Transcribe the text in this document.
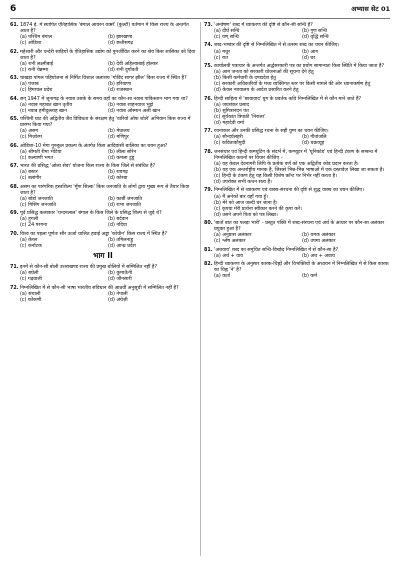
6	अभ्यास सेट 01
61. 1874 ई. में स्थापित ऐतिहासिक 'बंगाल आयरन वर्क्स' (कुल्टी) वर्तमान में किस राज्य के अन्तर्गत आता है?
(a) पश्चिम बंगाल	(b) झारखण्ड
(c) ओडिशा	(d) छत्तीसगढ़
62. महेश्वरी और चन्देरी साड़ियों के ऐतिहासिक उद्योग को पुनर्जीवित करने का श्रेय किस शासिका को दिया जाता है?
(a) रानी लक्ष्मीबाई	(b) देवी अहिल्याबाई होल्कर
(c) रानी चेन्नम्मा	(d) रानी दुर्गावती
63. चाखड़ा पांगल पहियोजना से निर्मित विशाल जलाशय 'गोविंद सागर झील' किस राज्य में स्थित है?
(a) पंजाब	(b) हरियाणा
(c) हिमाचल प्रदेश	(d) राजस्थान
64. सन् 1947 में जूनागढ़ के नवाब उसके के समय वहाँ का कौन-सा नवाब पाकिस्तान भाग गया था?
(a) नवाब महाबत खान तृतीय	(b) नवाब शाहनवाज भुट्टो
(c) नवाब हमीदुल्लाह खान	(d) नवाब ओस्मान अली खान
65. पश्चिमी घाट की अद्वितीय जैव विविधता के संरक्षण हेतु 'वारियों ऑफ शोले' अभियान किस राज्य में प्रारम्भ किया गया?
(a) असम	(b) मेघालय
(c) मिज़ोरम	(d) मणिपुर
66. ओडिशा-10 मेगा गुरुकुल प्रकल्प के अंतर्गत किस आदिवासी बालिका का चयन हुआ?
(a) श्रीमती रीमा भेटिया	(b) लीला सोरेन
(c) कल्याणी भगत	(d) कमला टुडू
67. भारत की प्रसिद्ध 'ओला सेवा' योजना किस राज्य के किस जिले से संबंधित है?
(a) बस्तर	(b) रायगढ़
(c) बलांगीर	(d) कोरबा
68. असम का पारंपरिक हस्तशिल्प 'मूँगा सिल्क' किस जनजाति के लोगों द्वारा मुख्य रूप से तैयार किया जाता है?
(a) बोडो जनजाति	(b) कार्बी जनजाति
(c) मिसिंग जनजाति	(d) राभा जनजाति
69. पूर्व प्रसिद्ध कलाकार 'चन्दनलाल' बंगाल के किस जिले के प्रसिद्ध शिल्प से जुड़े थे?
(a) हुगली	(b) बर्दवान
(c) 24 परगना	(d) नदिया
70. विश्व का पहला पूर्णतः सौर ऊर्जा चालित हवाई अड्डा 'कोचीन' किस राज्य में स्थित है?
(a) केरल	(b) तमिलनाडु
(c) कर्नाटक	(d) आन्ध्र प्रदेश
भाग II
71. इनमें से कौन-सी बोली उत्तराखण्ड राज्य की प्रमुख बोलियों में सम्मिलित नहीं है?
(a) बघेली	(b) कुमाऊँनी
(c) गढ़वाली	(d) जौनसारी
72. निम्नलिखित में से कौन-सी भाषा भारतीय संविधान की आठवीं अनुसूची में सम्मिलित नहीं है?
(a) संथाली	(b) नेपाली
(c) कोंकणी	(d) अंग्रेज़ी
73. 'अन्वेषण' शब्द में व्याकरण की दृष्टि से कौन-सी सन्धि है?
(a) दीर्घ सन्धि	(b) गुण सन्धि
(c) यण् सन्धि	(d) वृद्धि सन्धि
74. शब्द-भण्डार की दृष्टि से निम्नलिखित में से तत्सम शब्द का चयन कीजिए।
(a) मधुर	(b) आग
(c) रात	(d) घर
75. कार्यालयी पत्राचार के अन्तर्गत अर्द्धसरकारी पत्र का प्रयोग सामान्यतः किस स्थिति में किया जाता है?
(a) आम जनता को सरकारी योजनाओं की सूचना देने हेतु
(b) किसी कर्मचारी के दण्डादेश हेतु
(c) सरकारी अधिकारियों के मध्य व्यक्तिगत स्तर पर किसी मामले की ओर ध्यानाकर्षण हेतु
(d) केवल न्यायालय के आदेश प्रसारित करने हेतु
76. हिन्दी साहित्य में 'छायावाद' युग के प्रवर्तक कवि निम्नलिखित में से कौन माने जाते हैं?
(a) जयशंकर प्रसाद
(b) सुमित्रानंदन पंत
(c) सूर्यकांत त्रिपाठी 'निराला'
(d) महादेवी वर्मा
77. रचनाकार और उनकी प्रसिद्ध रचना के सही युग्म का चयन कीजिए।
(a) सौन्दर्यलहरी	(b) गीतांजलि
(c) कविताकौमुदी	(d) चक्रव्यूह
78. जनसंचार एवं हिन्दी कम्प्यूटिंग के संदर्भ में, कम्प्यूटर में 'यूनिकोड' एवं हिन्दी टंकण के सम्बन्ध में निम्नलिखित कथनों पर विचार कीजिए -
(a) यह केवल देवनागरी लिपि के प्रत्येक वर्ण को एक अद्वितीय कोड प्रदान करता है।
(b) यह एक अन्तर्राष्ट्रीय मानक है, जिससे भिन्न-भिन्न भाषाओं में एक दस्तावेज़ लिखा जा सकता है।
(c) हिन्दी के टंकण हेतु यह किसी विशेष फ़ॉन्ट पर निर्भर नहीं करता है।
(d) उपरोक्त सभी कथन सत्य हैं।
79. निम्नलिखित में से व्याकरण एवं वाक्य-संरचना की दृष्टि से शुद्ध वाक्य का चयन कीजिए।
(a) मैं अनेकों बार वहाँ गया हूँ।
(b) मेरे को आज जल्दी घर जाना है।
(c) कृपया मेरी प्रार्थना स्वीकार करने की कृपा करें।
(d) उसने अपने पिता को पत्र लिखा।
80. 'बातों बात का पलड़ा भारी' - प्रस्तुत पंक्ति में शब्द-संरचना एवं अर्थ के आधार पर कौन-सा अलंकार प्रयुक्त हुआ है?
(a) अनुप्रास अलंकार	(b) यमक अलंकार
(c) श्लेष अलंकार	(d) उपमा अलंकार
81. 'अथवाय' शब्द का समुचित सन्धि-विच्छेद निम्नलिखित में से कौन-सा है?
(a) अर्थ + वाय	(b) अथ + अवाय
82. हिन्दी व्याकरण के अनुसार कारक-चिह्नों और विभक्तियों के अध्ययन में निम्नलिखित में से किस कारक का चिह्न 'ने' है?
(a) कर्ता	(b) कर्म
